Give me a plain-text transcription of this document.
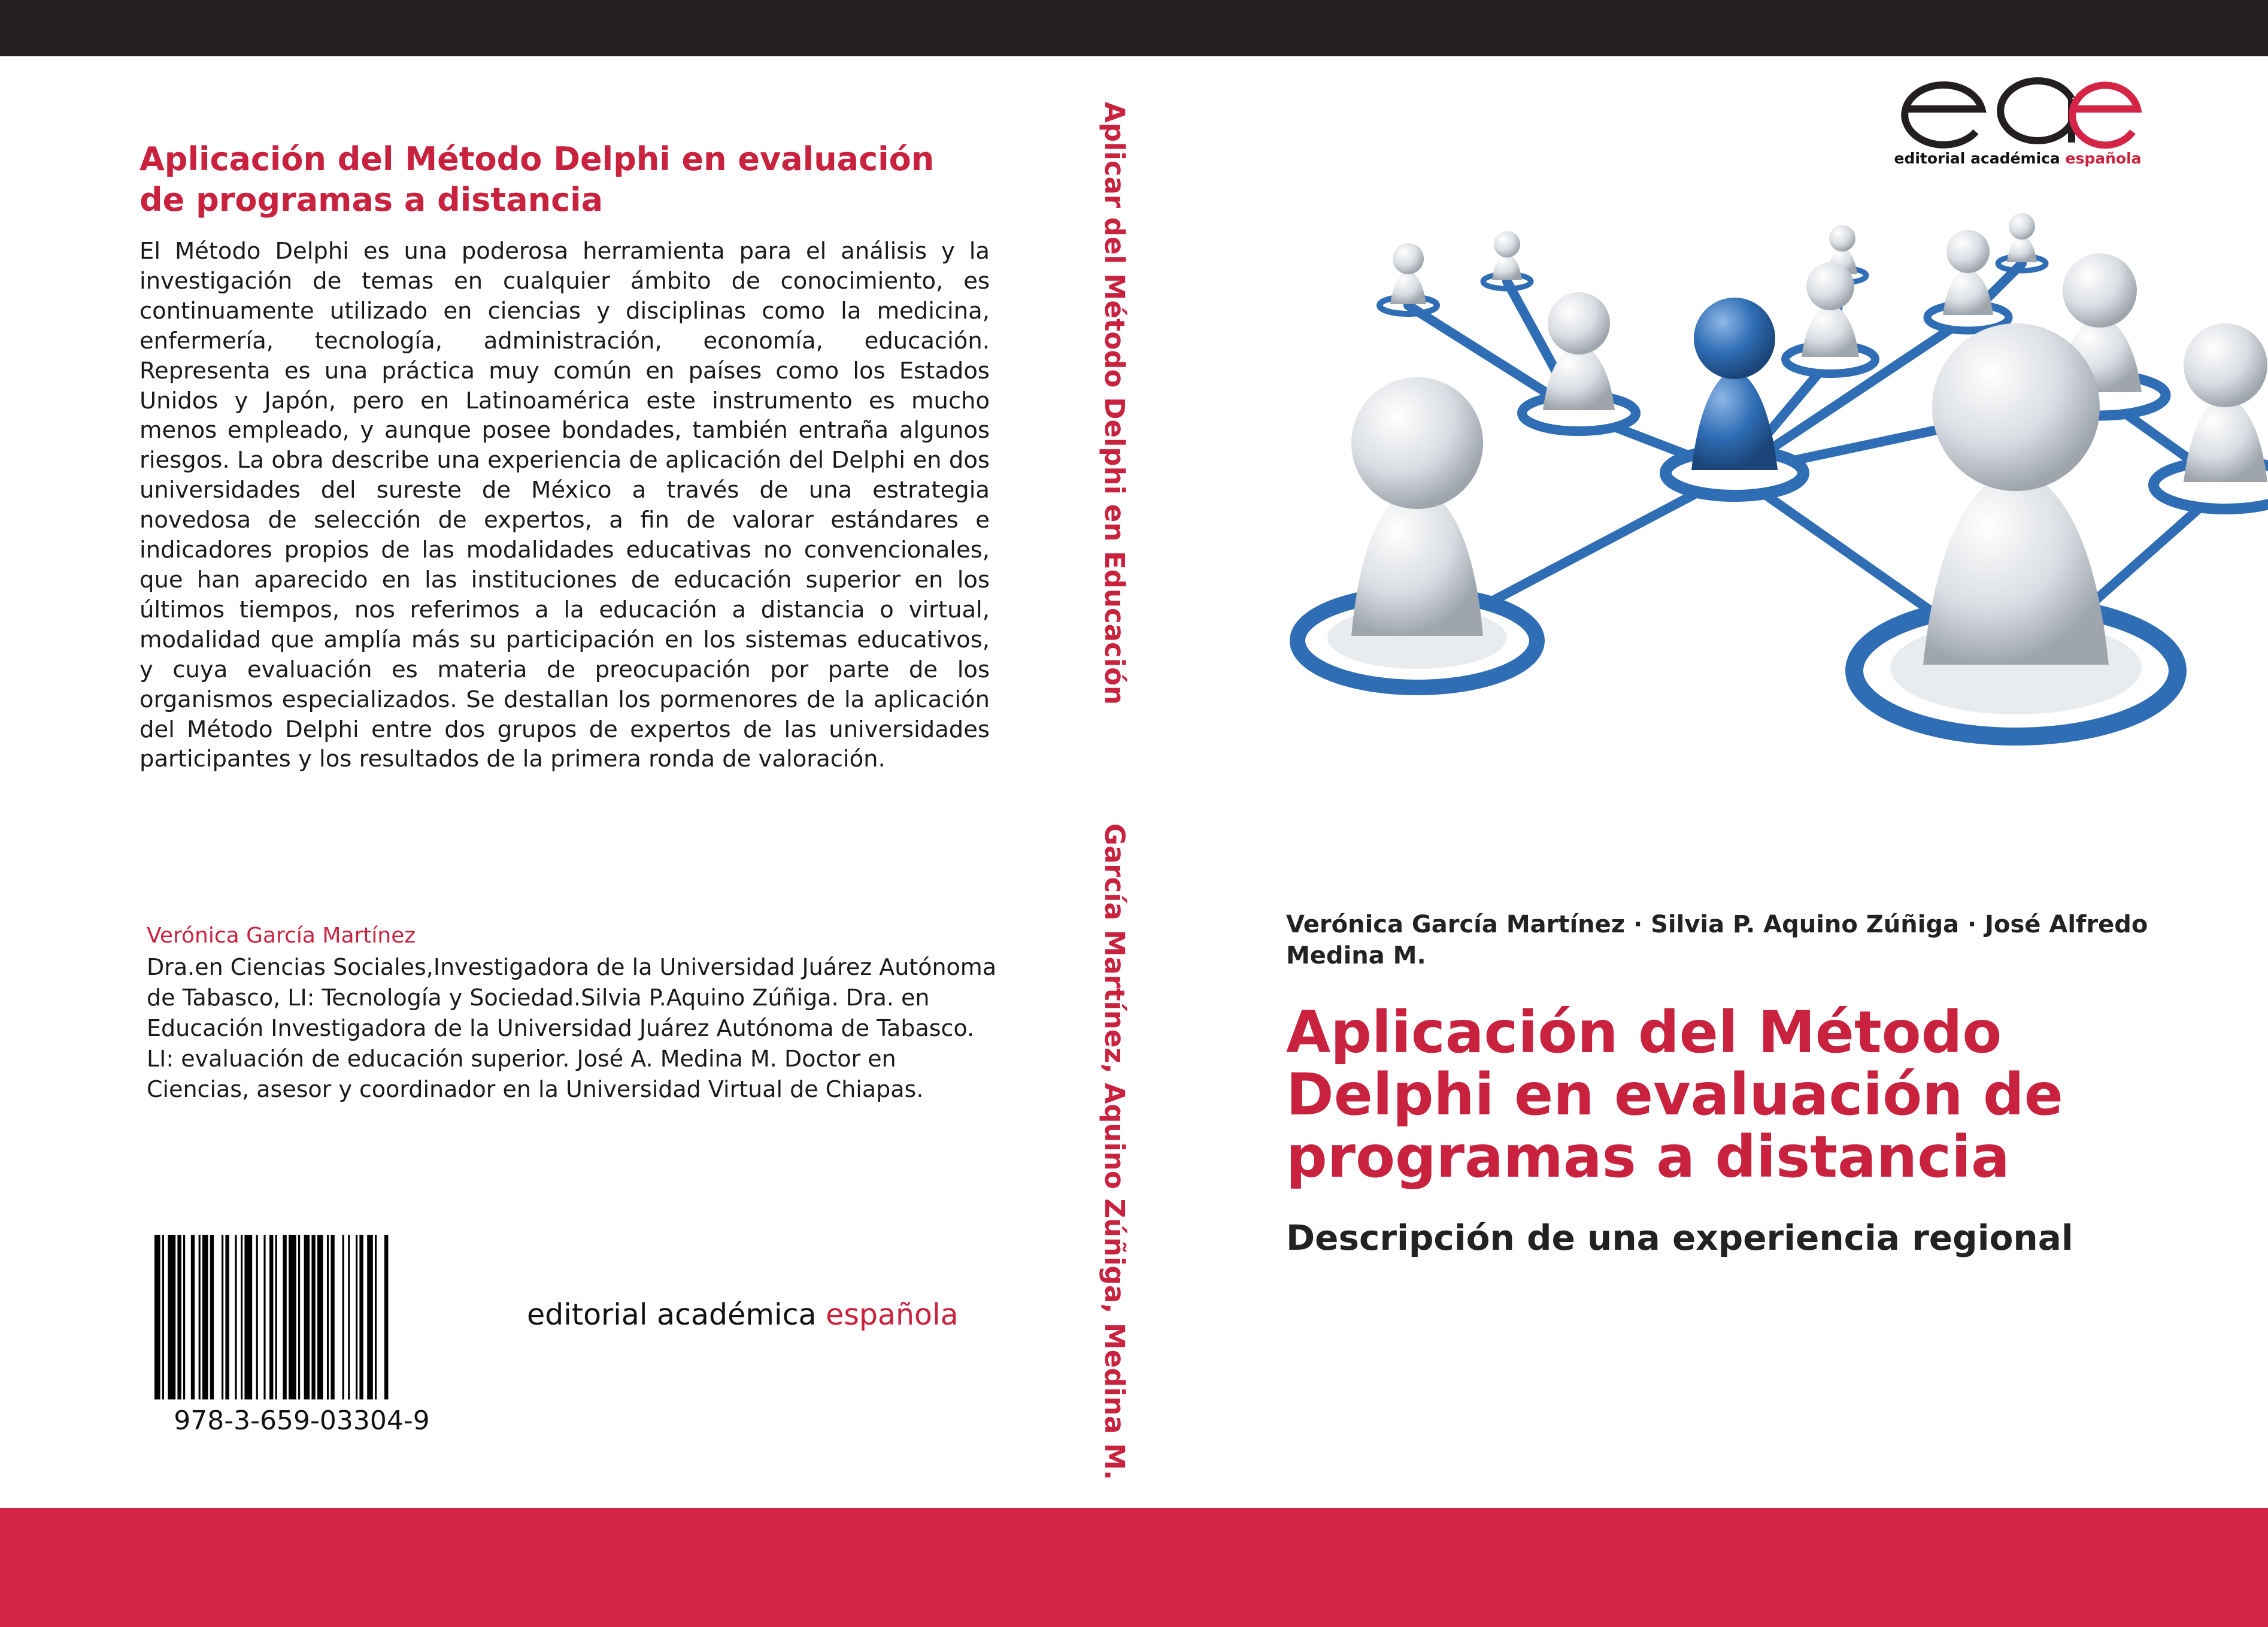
Aplicación del Método Delphi en evaluación de programas a distancia
El Método Delphi es una poderosa herramienta para el análisis y la investigación de temas en cualquier ámbito de conocimiento, es continuamente utilizado en ciencias y disciplinas como la medicina, enfermería, tecnología, administración, economía, educación. Representa es una práctica muy común en países como los Estados Unidos y Japón, pero en Latinoamérica este instrumento es mucho menos empleado, y aunque posee bondades, también entraña algunos riesgos. La obra describe una experiencia de aplicación del Delphi en dos universidades del sureste de México a través de una estrategia novedosa de selección de expertos, a fin de valorar estándares e indicadores propios de las modalidades educativas no convencionales, que han aparecido en las instituciones de educación superior en los últimos tiempos, nos referimos a la educación a distancia o virtual, modalidad que amplía más su participación en los sistemas educativos, y cuya evaluación es materia de preocupación por parte de los organismos especializados. Se destallan los pormenores de la aplicación del Método Delphi entre dos grupos de expertos de las universidades participantes y los resultados de la primera ronda de valoración.
Verónica García Martínez
Dra.en Ciencias Sociales,Investigadora de la Universidad Juárez Autónoma de Tabasco, LI: Tecnología y Sociedad.Silvia P.Aquino Zúñiga. Dra. en Educación Investigadora de la Universidad Juárez Autónoma de Tabasco. LI: evaluación de educación superior. José A. Medina M. Doctor en Ciencias, asesor y coordinador en la Universidad Virtual de Chiapas.
978-3-659-03304-9
editorial académica española
Aplicar del Método Delphi en Educación
García Martínez, Aquino Zúñiga, Medina M.
editorial académica española
Verónica García Martínez · Silvia P. Aquino Zúñiga · José Alfredo Medina M.
Aplicación del Método Delphi en evaluación de programas a distancia
Descripción de una experiencia regional
